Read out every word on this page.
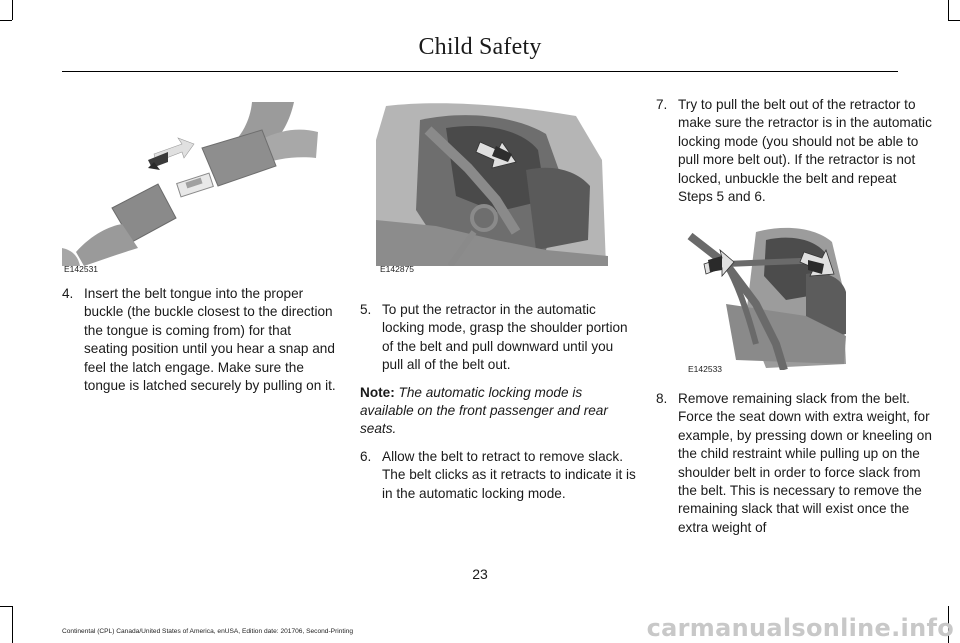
Child Safety
E142531	E142875
E142533
4. Insert the belt tongue into the proper buckle (the buckle closest to the direction the tongue is coming from) for that seating position until you hear a snap and feel the latch engage. Make sure the tongue is latched securely by pulling on it.
5. To put the retractor in the automatic locking mode, grasp the shoulder portion of the belt and pull downward until you pull all of the belt out.
Note: The automatic locking mode is available on the front passenger and rear seats.
6. Allow the belt to retract to remove slack. The belt clicks as it retracts to indicate it is in the automatic locking mode.
7. Try to pull the belt out of the retractor to make sure the retractor is in the automatic locking mode (you should not be able to pull more belt out). If the retractor is not locked, unbuckle the belt and repeat Steps 5 and 6.
8. Remove remaining slack from the belt. Force the seat down with extra weight, for example, by pressing down or kneeling on the child restraint while pulling up on the shoulder belt in order to force slack from the belt. This is necessary to remove the remaining slack that will exist once the extra weight of
23
Continental (CPL) Canada/United States of America, enUSA, Edition date: 201706, Second-Printing	carmanualsonline.info
